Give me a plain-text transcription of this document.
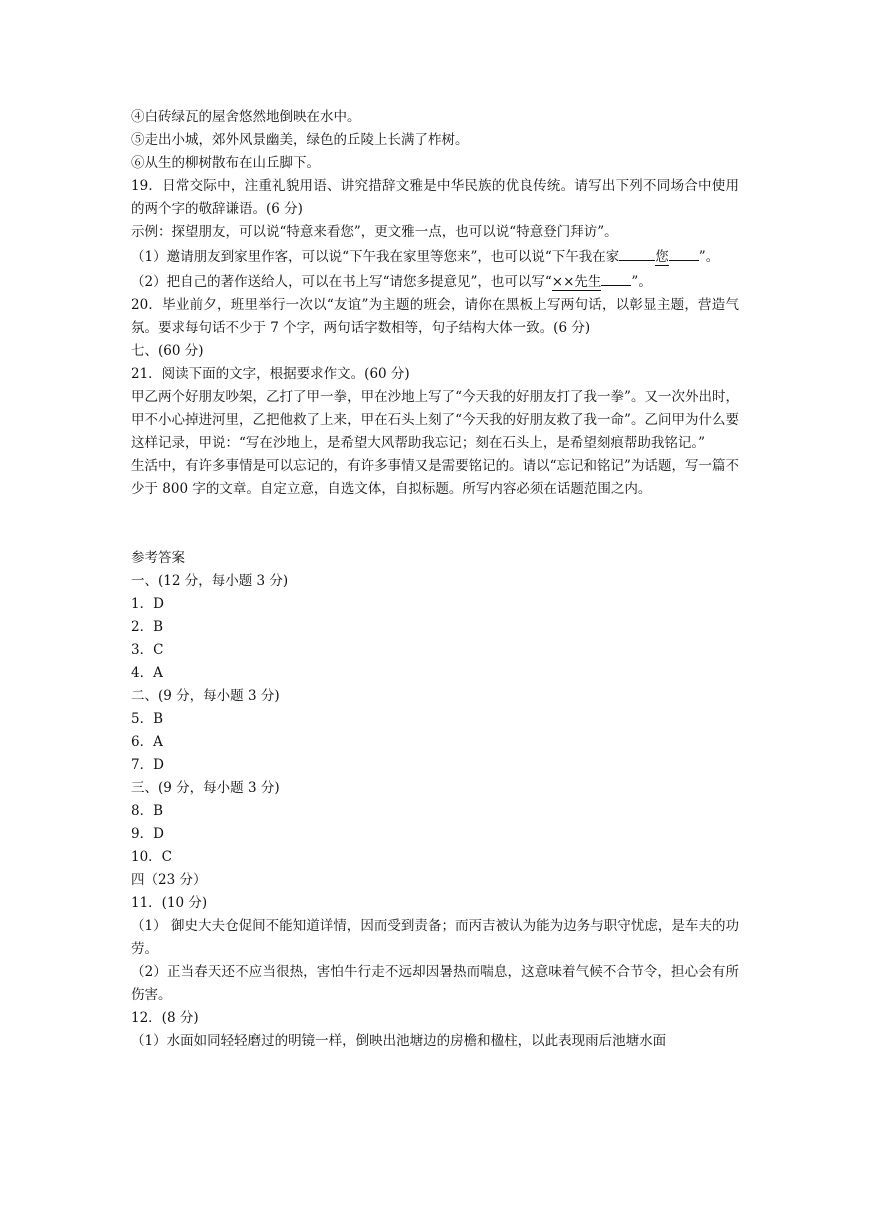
④白砖绿瓦的屋舍悠然地倒映在水中。
⑤走出小城，郊外风景幽美，绿色的丘陵上长满了柞树。
⑥从生的柳树散布在山丘脚下。
19．日常交际中，注重礼貌用语、讲究措辞文雅是中华民族的优良传统。请写出下列不同场合中使用的两个字的敬辞谦语。(6 分)
示例：探望朋友，可以说“特意来看您”，更文雅一点，也可以说“特意登门拜访”。
（1）邀请朋友到家里作客，可以说“下午我在家里等您来”，也可以说“下午我在家	您 ”。
（2）把自己的著作送给人，可以在书上写“请您多提意见”，也可以写“××先生 ”。
20．毕业前夕，班里举行一次以“友谊”为主题的班会，请你在黑板上写两句话，以彰显主题，营造气氛。要求每句话不少于 7 个字，两句话字数相等，句子结构大体一致。(6 分)
七、(60 分)
21．阅读下面的文字，根据要求作文。(60 分)
甲乙两个好朋友吵架，乙打了甲一拳，甲在沙地上写了“今天我的好朋友打了我一拳”。又一次外出时，甲不小心掉进河里，乙把他救了上来，甲在石头上刻了“今天我的好朋友救了我一命”。乙问甲为什么要这样记录，甲说：“写在沙地上，是希望大风帮助我忘记；刻在石头上，是希望刻痕帮助我铭记。”
生活中，有许多事情是可以忘记的，有许多事情又是需要铭记的。请以“忘记和铭记”为话题，写一篇不少于 800 字的文章。自定立意，自选文体，自拟标题。所写内容必须在话题范围之内。
参考答案
一、(12 分，每小题 3 分)
1．D
2．B
3．C
4．A
二、(9 分，每小题 3 分)
5．B
6．A
7．D
三、(9 分，每小题 3 分)
8．B
9．D
10．C
四（23 分）
11．(10 分)
（1） 御史大夫仓促间不能知道详情，因而受到责备；而丙吉被认为能为边务与职守忧虑，是车夫的功劳。
（2）正当春天还不应当很热，害怕牛行走不远却因暑热而喘息，这意味着气候不合节令，担心会有所伤害。
12．(8 分)
（1）水面如同轻轻磨过的明镜一样，倒映出池塘边的房檐和楹柱，以此表现雨后池塘水面
